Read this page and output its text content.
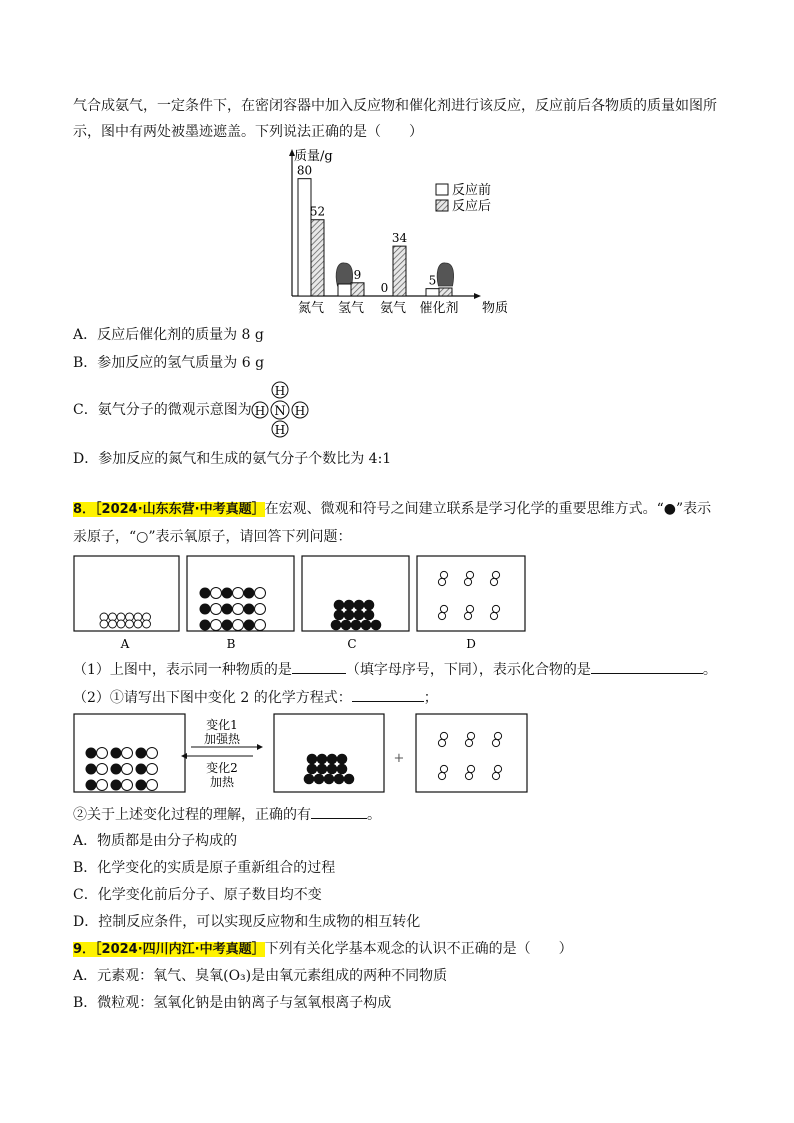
气合成氨气，一定条件下，在密闭容器中加入反应物和催化剂进行该反应，反应前后各物质的质量如图所
示，图中有两处被墨迹遮盖。下列说法正确的是（　　）
质量/g
物质
氮气
80
52
氢气
9
氨气
0
34
催化剂
5
反应前
反应后
A．反应后催化剂的质量为 8 g
B．参加反应的氢气质量为 6 g
C．氨气分子的微观示意图为 N
H
H H
H
D．参加反应的氮气和生成的氨气分子个数比为 4:1
8．［2024·山东东营·中考真题］在宏观、微观和符号之间建立联系是学习化学的重要思维方式。“●”表示
汞原子，“○”表示氧原子，请回答下列问题：
A	B	C	D
（1）上图中，表示同一种物质的是	（填字母序号，下同），表示化合物的是	。
（2）①请写出下图中变化 2 的化学方程式：	；
变化1
加强热
变化2
加热
+
②关于上述变化过程的理解，正确的有	。
A．物质都是由分子构成的
B．化学变化的实质是原子重新组合的过程
C．化学变化前后分子、原子数目均不变
D．控制反应条件，可以实现反应物和生成物的相互转化
9．［2024·四川内江·中考真题］下列有关化学基本观念的认识不正确的是（　　）
A．元素观：氧气、臭氧(O₃)是由氧元素组成的两种不同物质
B．微粒观：氢氧化钠是由钠离子与氢氧根离子构成
